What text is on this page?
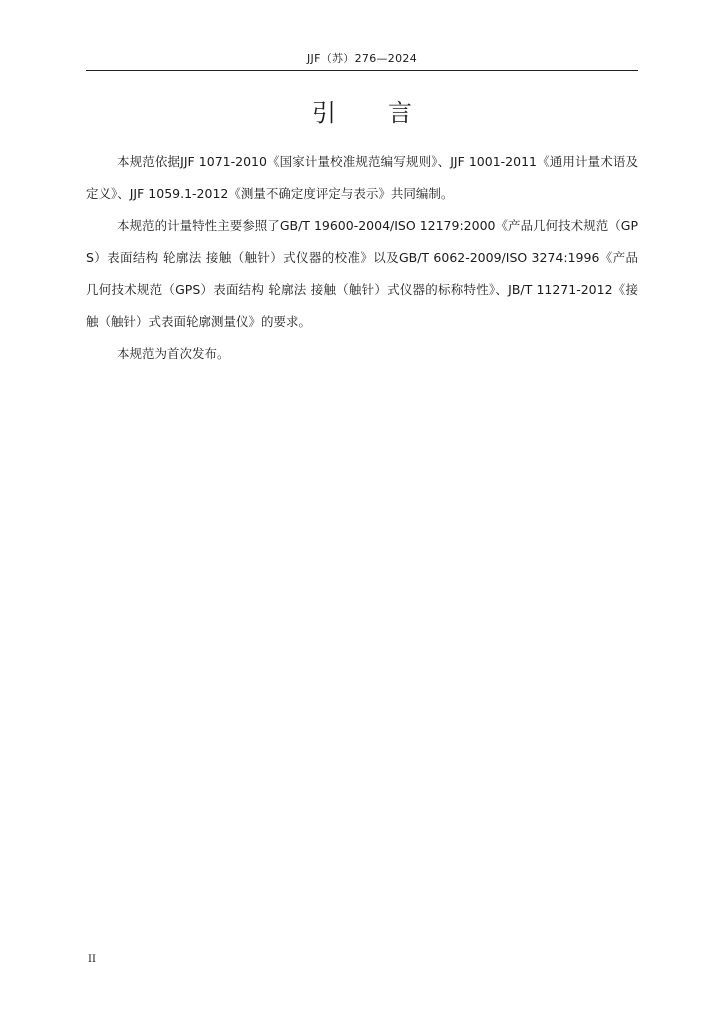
JJF（苏）276—2024
引言

本规范依据JJF 1071-2010《国家计量校准规范编写规则》、JJF 1001-2011《通用计量术语及定义》、JJF 1059.1-2012《测量不确定度评定与表示》共同编制。

本规范的计量特性主要参照了GB/T 19600-2004/ISO 12179:2000《产品几何技术规范（GPS）表面结构 轮廓法 接触（触针）式仪器的校准》以及GB/T 6062-2009/ISO 3274:1996《产品几何技术规范（GPS）表面结构 轮廓法 接触（触针）式仪器的标称特性》、JB/T 11271-2012《接触（触针）式表面轮廓测量仪》的要求。

本规范为首次发布。

II
